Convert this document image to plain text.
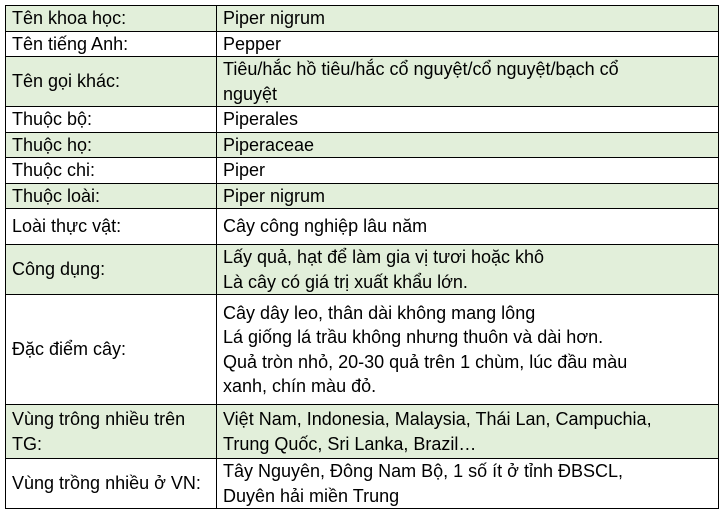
Tên khoa học:	Piper nigrum

Tên tiếng Anh:	Pepper

Tên gọi khác:	Tiêu/hắc hồ tiêu/hắc cổ nguyệt/cổ nguyệt/bạch cổ
nguyệt

Thuộc bộ:	Piperales

Thuộc họ:	Piperaceae

Thuộc chi:	Piper

Thuộc loài:	Piper nigrum

Loài thực vật:	Cây công nghiệp lâu năm

Công dụng:	Lấy quả, hạt để làm gia vị tươi hoặc khô
Là cây có giá trị xuất khẩu lớn.

Đặc điểm cây:	Cây dây leo, thân dài không mang lông
Lá giống lá trầu không nhưng thuôn và dài hơn.
Quả tròn nhỏ, 20-30 quả trên 1 chùm, lúc đầu màu
xanh, chín màu đỏ.

Vùng trông nhiều trên
TG:	Việt Nam, Indonesia, Malaysia, Thái Lan, Campuchia,
Trung Quốc, Sri Lanka, Brazil…

Vùng trồng nhiều ở VN:	Tây Nguyên, Đông Nam Bộ, 1 số ít ở tỉnh ĐBSCL,
Duyên hải miền Trung
